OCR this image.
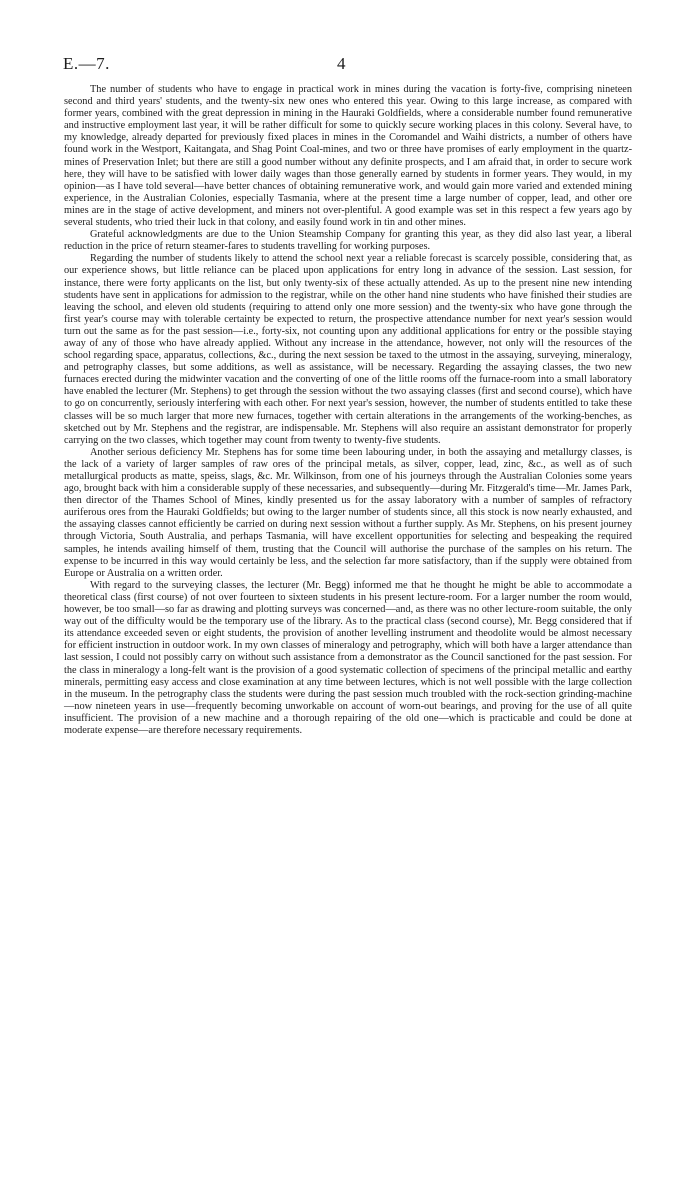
E.—7.	4

The number of students who have to engage in practical work in mines during the vacation is forty-five, comprising nineteen second and third years' students, and the twenty-six new ones who entered this year. Owing to this large increase, as compared with former years, combined with the great depression in mining in the Hauraki Goldfields, where a considerable number found remunerative and instructive employment last year, it will be rather difficult for some to quickly secure working places in this colony. Several have, to my knowledge, already departed for previously fixed places in mines in the Coromandel and Waihi districts, a number of others have found work in the Westport, Kaitangata, and Shag Point Coal-mines, and two or three have promises of early employment in the quartz-mines of Preservation Inlet; but there are still a good number without any definite prospects, and I am afraid that, in order to secure work here, they will have to be satisfied with lower daily wages than those generally earned by students in former years. They would, in my opinion—as I have told several—have better chances of obtaining remunerative work, and would gain more varied and extended mining experience, in the Australian Colonies, especially Tasmania, where at the present time a large number of copper, lead, and other ore mines are in the stage of active development, and miners not over-plentiful. A good example was set in this respect a few years ago by several students, who tried their luck in that colony, and easily found work in tin and other mines.

Grateful acknowledgments are due to the Union Steamship Company for granting this year, as they did also last year, a liberal reduction in the price of return steamer-fares to students travelling for working purposes.

Regarding the number of students likely to attend the school next year a reliable forecast is scarcely possible, considering that, as our experience shows, but little reliance can be placed upon applications for entry long in advance of the session. Last session, for instance, there were forty applicants on the list, but only twenty-six of these actually attended. As up to the present nine new intending students have sent in applications for admission to the registrar, while on the other hand nine students who have finished their studies are leaving the school, and eleven old students (requiring to attend only one more session) and the twenty-six who have gone through the first year's course may with tolerable certainty be expected to return, the prospective attendance number for next year's session would turn out the same as for the past session—i.e., forty-six, not counting upon any additional applications for entry or the possible staying away of any of those who have already applied. Without any increase in the attendance, however, not only will the resources of the school regarding space, apparatus, collections, &c., during the next session be taxed to the utmost in the assaying, surveying, mineralogy, and petrography classes, but some additions, as well as assistance, will be necessary. Regarding the assaying classes, the two new furnaces erected during the midwinter vacation and the converting of one of the little rooms off the furnace-room into a small laboratory have enabled the lecturer (Mr. Stephens) to get through the session without the two assaying classes (first and second course), which have to go on concurrently, seriously interfering with each other. For next year's session, however, the number of students entitled to take these classes will be so much larger that more new furnaces, together with certain alterations in the arrangements of the working-benches, as sketched out by Mr. Stephens and the registrar, are indispensable. Mr. Stephens will also require an assistant demonstrator for properly carrying on the two classes, which together may count from twenty to twenty-five students.

Another serious deficiency Mr. Stephens has for some time been labouring under, in both the assaying and metallurgy classes, is the lack of a variety of larger samples of raw ores of the principal metals, as silver, copper, lead, zinc, &c., as well as of such metallurgical products as matte, speiss, slags, &c. Mr. Wilkinson, from one of his journeys through the Australian Colonies some years ago, brought back with him a considerable supply of these necessaries, and subsequently—during Mr. Fitzgerald's time—Mr. James Park, then director of the Thames School of Mines, kindly presented us for the assay laboratory with a number of samples of refractory auriferous ores from the Hauraki Goldfields; but owing to the larger number of students since, all this stock is now nearly exhausted, and the assaying classes cannot efficiently be carried on during next session without a further supply. As Mr. Stephens, on his present journey through Victoria, South Australia, and perhaps Tasmania, will have excellent opportunities for selecting and bespeaking the required samples, he intends availing himself of them, trusting that the Council will authorise the purchase of the samples on his return. The expense to be incurred in this way would certainly be less, and the selection far more satisfactory, than if the supply were obtained from Europe or Australia on a written order.

With regard to the surveying classes, the lecturer (Mr. Begg) informed me that he thought he might be able to accommodate a theoretical class (first course) of not over fourteen to sixteen students in his present lecture-room. For a larger number the room would, however, be too small—so far as drawing and plotting surveys was concerned—and, as there was no other lecture-room suitable, the only way out of the difficulty would be the temporary use of the library. As to the practical class (second course), Mr. Begg considered that if its attendance exceeded seven or eight students, the provision of another levelling instrument and theodolite would be almost necessary for efficient instruction in outdoor work. In my own classes of mineralogy and petrography, which will both have a larger attendance than last session, I could not possibly carry on without such assistance from a demonstrator as the Council sanctioned for the past session. For the class in mineralogy a long-felt want is the provision of a good systematic collection of specimens of the principal metallic and earthy minerals, permitting easy access and close examination at any time between lectures, which is not well possible with the large collection in the museum. In the petrography class the students were during the past session much troubled with the rock-section grinding-machine—now nineteen years in use—frequently becoming unworkable on account of worn-out bearings, and proving for the use of all quite insufficient. The provision of a new machine and a thorough repairing of the old one—which is practicable and could be done at moderate expense—are therefore necessary requirements.
